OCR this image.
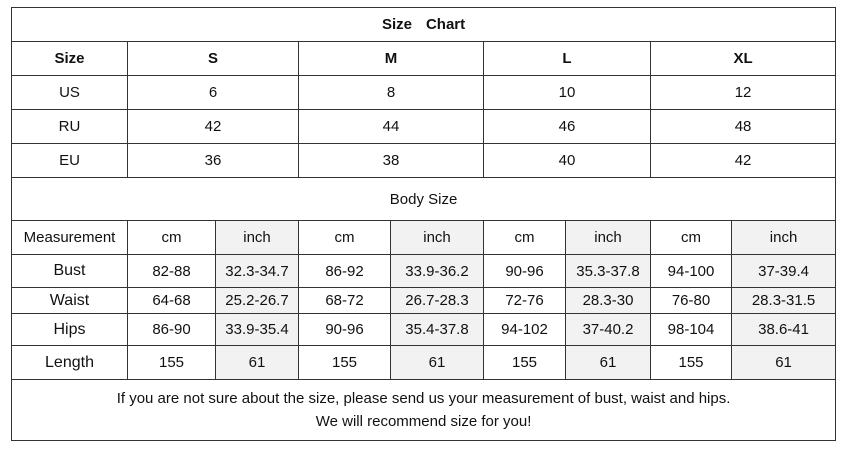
Size Chart								
Size	S		M		L		XL	
US	6		8		10		12	
RU	42		44		46		48	
EU	36		38		40		42	
Body Size								
Measurement	cm	inch	cm	inch	cm	inch	cm	inch
Bust	82-88	32.3-34.7	86-92	33.9-36.2	90-96	35.3-37.8	94-100	37-39.4
Waist	64-68	25.2-26.7	68-72	26.7-28.3	72-76	28.3-30	76-80	28.3-31.5
Hips	86-90	33.9-35.4	90-96	35.4-37.8	94-102	37-40.2	98-104	38.6-41
Length	155	61	155	61	155	61	155	61

If you are not sure about the size, please send us your measurement of bust, waist and hips.
We will recommend size for you!								
